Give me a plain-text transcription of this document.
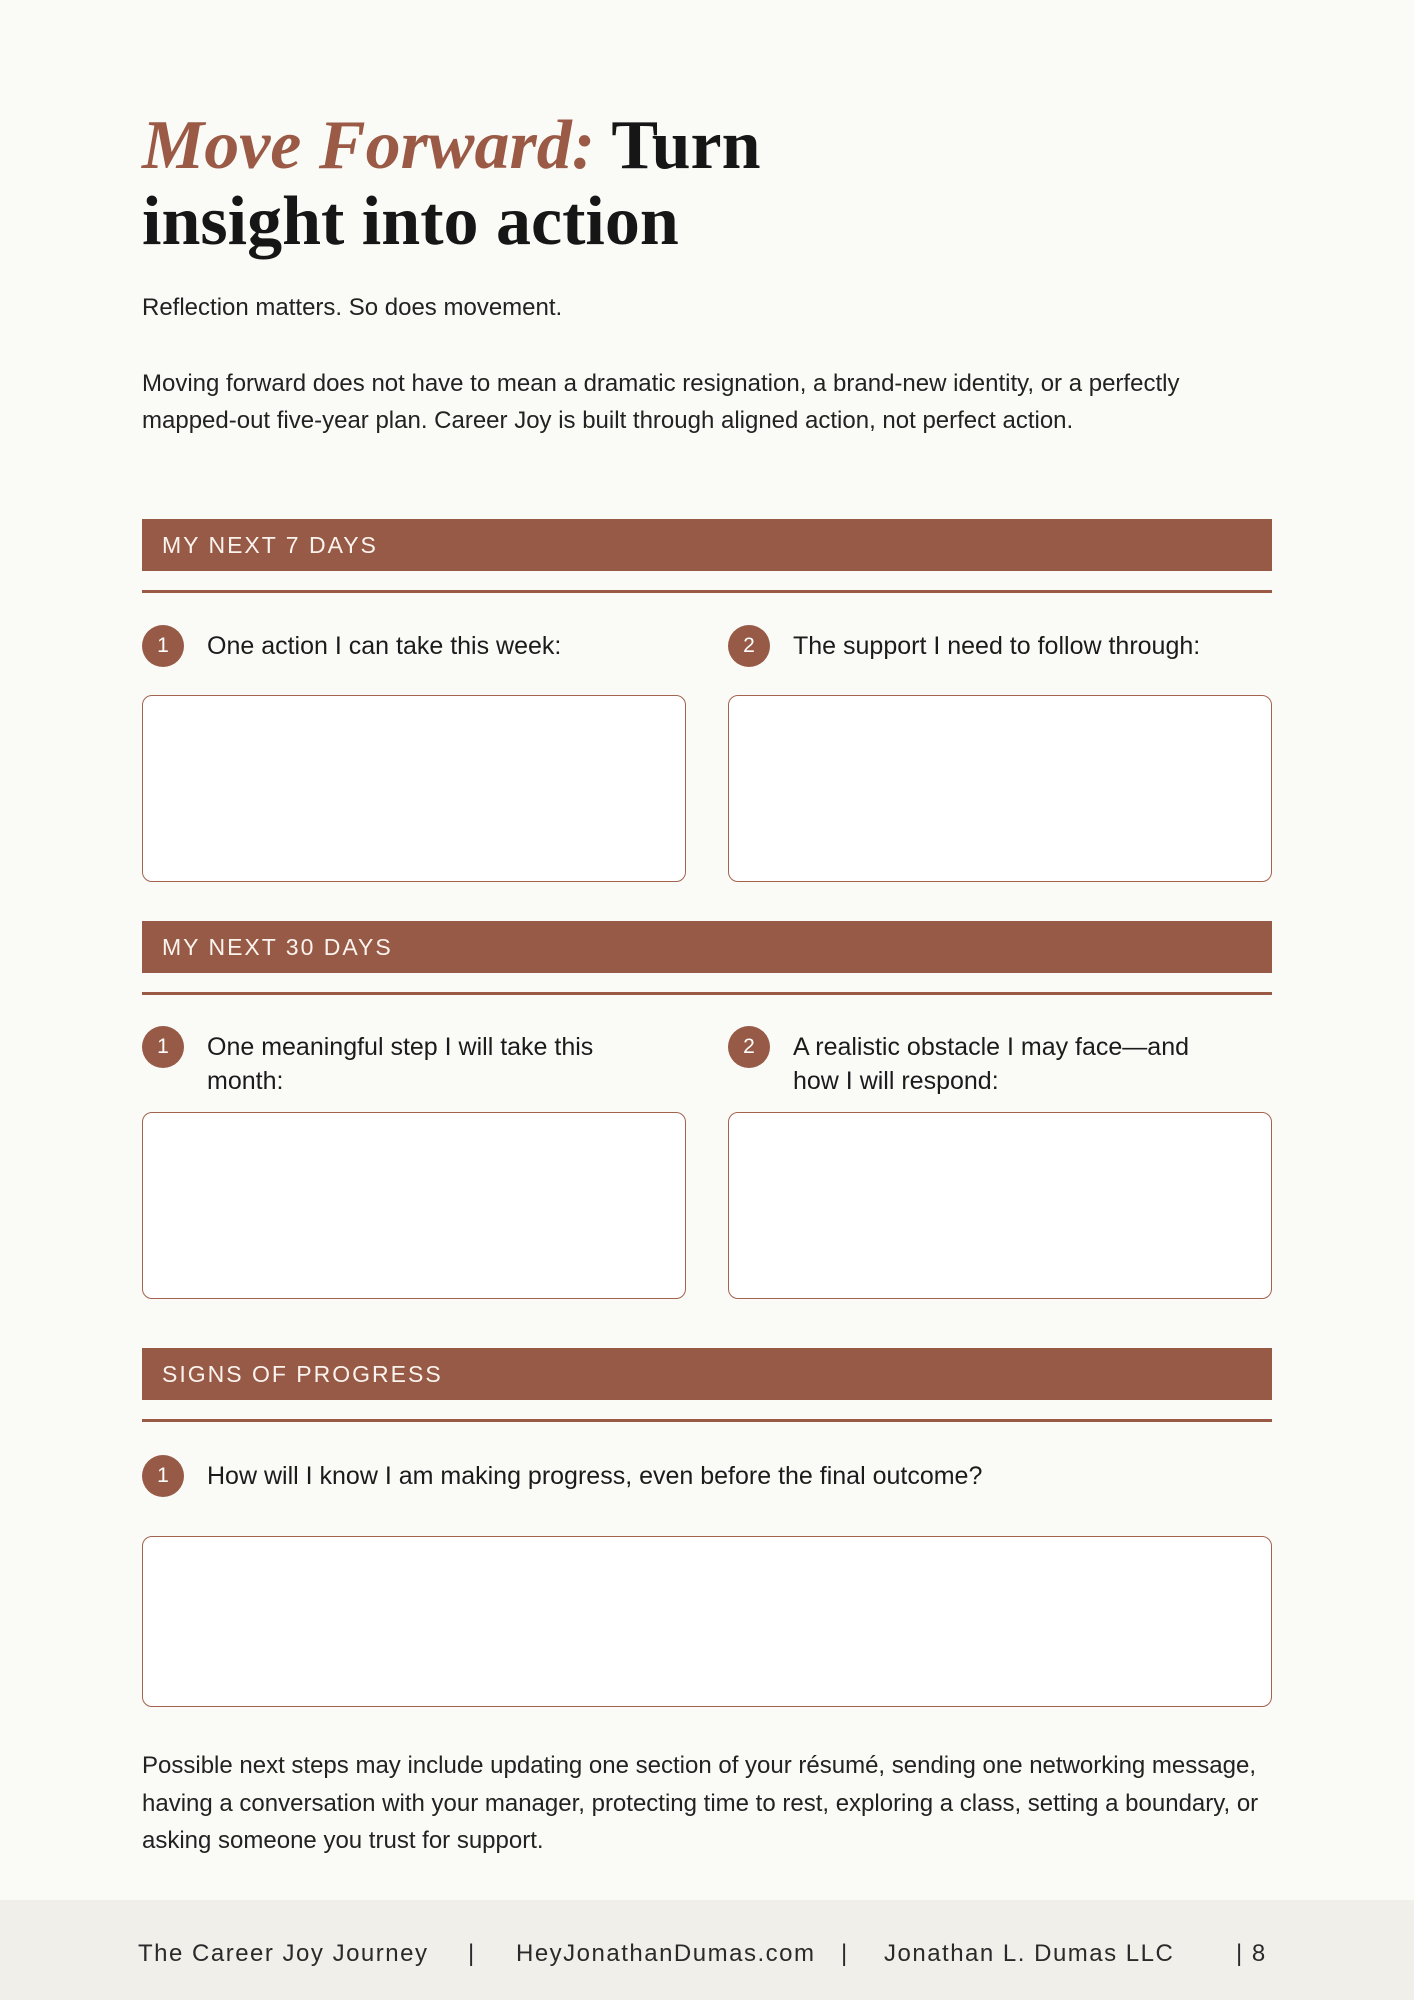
Move Forward: Turn
insight into action

Reflection matters. So does movement.

Moving forward does not have to mean a dramatic resignation, a brand-new identity, or a perfectly mapped-out five-year plan. Career Joy is built through aligned action, not perfect action.

MY NEXT 7 DAYS
1	One action I can take this week:	2	The support I need to follow through:
MY NEXT 30 DAYS
1	One meaningful step I will take this month:
2	A realistic obstacle I may face—and how I will respond:
SIGNS OF PROGRESS
1	How will I know I am making progress, even before the final outcome?

Possible next steps may include updating one section of your résumé, sending one networking message, having a conversation with your manager, protecting time to rest, exploring a class, setting a boundary, or asking someone you trust for support.

The Career Joy Journey | HeyJonathanDumas.com | Jonathan L. Dumas LLC	| 8
